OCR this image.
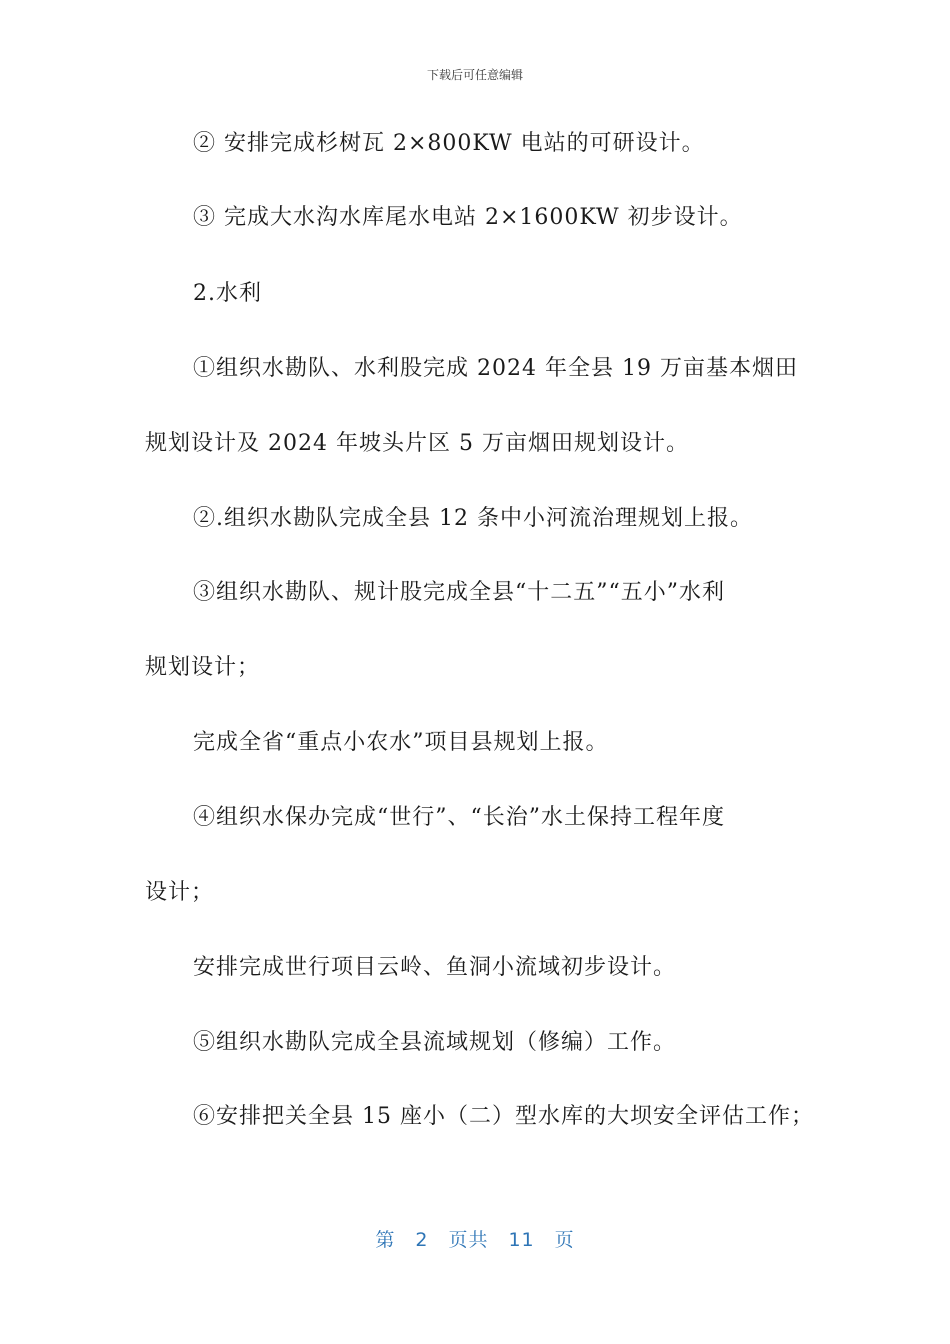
下载后可任意编辑
② 安排完成杉树瓦 2×800KW 电站的可研设计。
③ 完成大水沟水库尾水电站 2×1600KW 初步设计。
2.水利
①组织水勘队、水利股完成 2024 年全县 19 万亩基本烟田
规划设计及 2024 年坡头片区 5 万亩烟田规划设计。
②.组织水勘队完成全县 12 条中小河流治理规划上报。
③组织水勘队、规计股完成全县“十二五”“五小”水利
规划设计；
完成全省“重点小农水”项目县规划上报。
④组织水保办完成“世行”、“长治”水土保持工程年度
设计；
安排完成世行项目云岭、鱼洞小流域初步设计。
⑤组织水勘队完成全县流域规划（修编）工作。
⑥安排把关全县 15 座小（二）型水库的大坝安全评估工作；
第 2 页共 11 页
